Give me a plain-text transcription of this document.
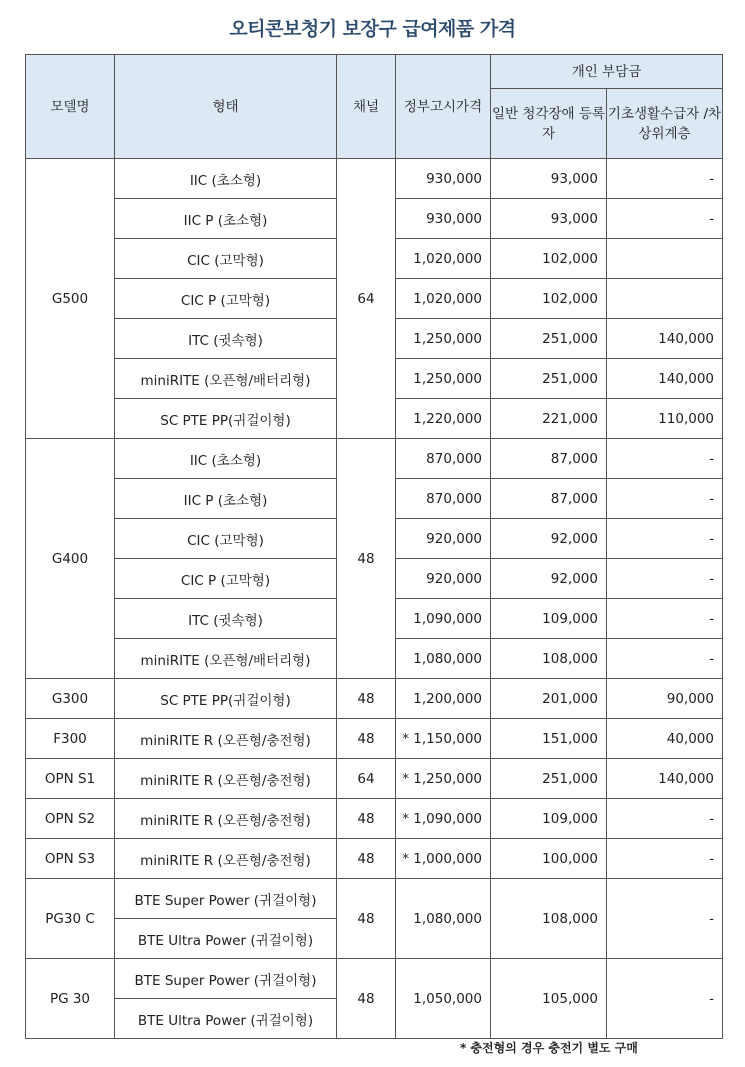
오티콘보청기 보장구 급여제품 가격
모델명	형태	채널	정부고시가격	개인 부담금	
				일반 청각장애 등록자	기초생활수급자 /차상위계층
G500	IIC (초소형)	64	930,000	93,000	-
	IIC P (초소형)		930,000	93,000	-
	CIC (고막형)		1,020,000	102,000	
	CIC P (고막형)		1,020,000	102,000	
	ITC (귓속형)		1,250,000	251,000	140,000
	miniRITE (오픈형/배터리형)		1,250,000	251,000	140,000
	SC PTE PP(귀걸이형)		1,220,000	221,000	110,000
G400	IIC (초소형)	48	870,000	87,000	-
	IIC P (초소형)		870,000	87,000	-
	CIC (고막형)		920,000	92,000	-
	CIC P (고막형)		920,000	92,000	-
	ITC (귓속형)		1,090,000	109,000	-
	miniRITE (오픈형/배터리형)		1,080,000	108,000	-
G300	SC PTE PP(귀걸이형)	48	1,200,000	201,000	90,000
F300	miniRITE R (오픈형/충전형)	48	* 1,150,000	151,000	40,000
OPN S1	miniRITE R (오픈형/충전형)	64	* 1,250,000	251,000	140,000
OPN S2	miniRITE R (오픈형/충전형)	48	* 1,090,000	109,000	-
OPN S3	miniRITE R (오픈형/충전형)	48	* 1,000,000	100,000	-
PG30 C	BTE Super Power (귀걸이형)	48	1,080,000	108,000	-
	BTE Ultra Power (귀걸이형)				
PG 30	BTE Super Power (귀걸이형)	48	1,050,000	105,000	-
	BTE Ultra Power (귀걸이형)				
* 충전형의 경우 충전기 별도 구매
